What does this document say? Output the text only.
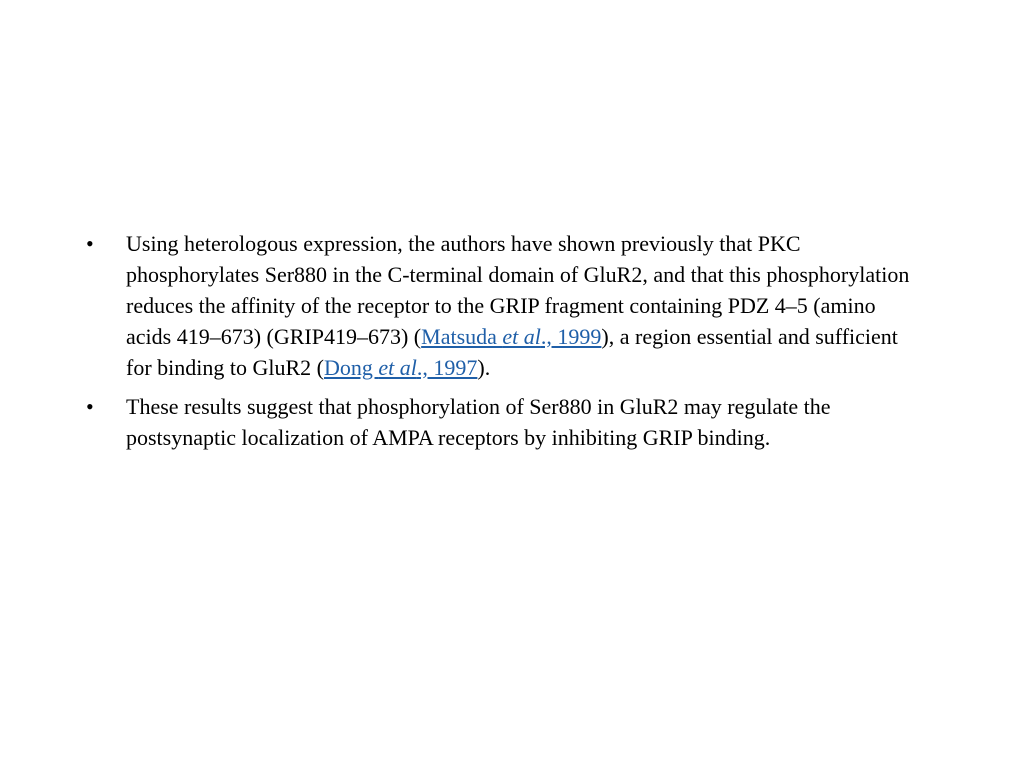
•	Using heterologous expression, the authors have shown previously that PKC phosphorylates Ser880 in the C-terminal domain of GluR2, and that this phosphorylation reduces the affinity of the receptor to the GRIP fragment containing PDZ 4–5 (amino acids 419–673) (GRIP419–673) (Matsuda et al., 1999), a region essential and sufficient for binding to GluR2 (Dong et al., 1997).
•	These results suggest that phosphorylation of Ser880 in GluR2 may regulate the postsynaptic localization of AMPA receptors by inhibiting GRIP binding.
